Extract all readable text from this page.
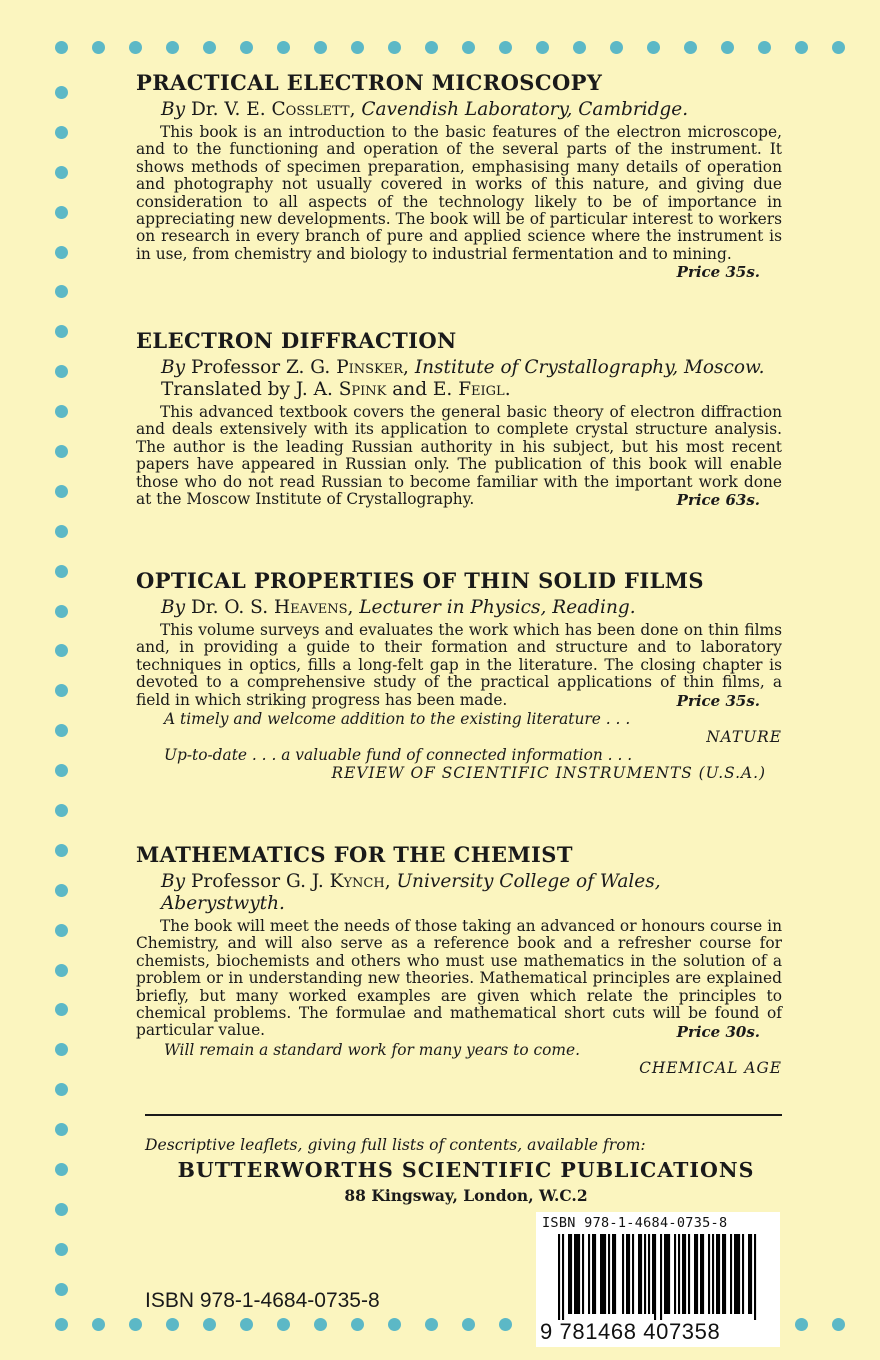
PRACTICAL ELECTRON MICROSCOPY

By Dr. V. E. Cosslett, Cavendish Laboratory, Cambridge.

This book is an introduction to the basic features of the electron microscope, and to the functioning and operation of the several parts of the instrument. It shows methods of specimen preparation, emphasising many details of operation and photography not usually covered in works of this nature, and giving due consideration to all aspects of the technology likely to be of importance in appreciating new developments. The book will be of particular interest to workers on research in every branch of pure and applied science where the instrument is in use, from chemistry and biology to industrial fermentation and to mining.

Price 35s.

ELECTRON DIFFRACTION

By Professor Z. G. Pinsker, Institute of Crystallography, Moscow. Translated by J. A. Spink and E. Feigl.

This advanced textbook covers the general basic theory of electron diffraction and deals extensively with its application to complete crystal structure analysis. The author is the leading Russian authority in his subject, but his most recent papers have appeared in Russian only. The publication of this book will enable those who do not read Russian to become familiar with the important work done at the Moscow Institute of Crystallography.	Price 63s.

OPTICAL PROPERTIES OF THIN SOLID FILMS

By Dr. O. S. Heavens, Lecturer in Physics, Reading.

This volume surveys and evaluates the work which has been done on thin films and, in providing a guide to their formation and structure and to laboratory techniques in optics, fills a long-felt gap in the literature. The closing chapter is devoted to a comprehensive study of the practical applications of thin films, a field in which striking progress has been made.	Price 35s.

A timely and welcome addition to the existing literature . . .

NATURE

Up-to-date . . . a valuable fund of connected information . . .

REVIEW OF SCIENTIFIC INSTRUMENTS (U.S.A.)

MATHEMATICS FOR THE CHEMIST

By Professor G. J. Kynch, University College of Wales, Aberystwyth.

The book will meet the needs of those taking an advanced or honours course in Chemistry, and will also serve as a reference book and a refresher course for chemists, biochemists and others who must use mathematics in the solution of a problem or in understanding new theories. Mathematical principles are explained briefly, but many worked examples are given which relate the principles to chemical problems. The formulae and mathematical short cuts will be found of particular value.	Price 30s.

Will remain a standard work for many years to come.

CHEMICAL AGE

Descriptive leaflets, giving full lists of contents, available from:
BUTTERWORTHS SCIENTIFIC PUBLICATIONS
88 Kingsway, London, W.C.2
ISBN 978-1-4684-0735-8
ISBN 978-1-4684-0735-8
9 781468 407358
